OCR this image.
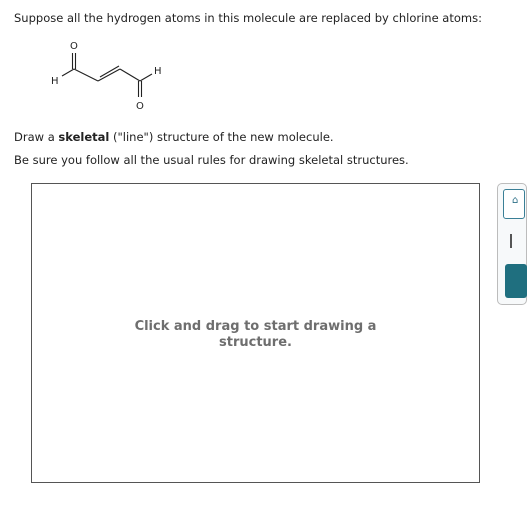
Suppose all the hydrogen atoms in this molecule are replaced by chlorine atoms:

O
H
H
O

Draw a skeletal ("line") structure of the new molecule.

Be sure you follow all the usual rules for drawing skeletal structures.

Click and drag to start drawing a structure.
⌂
